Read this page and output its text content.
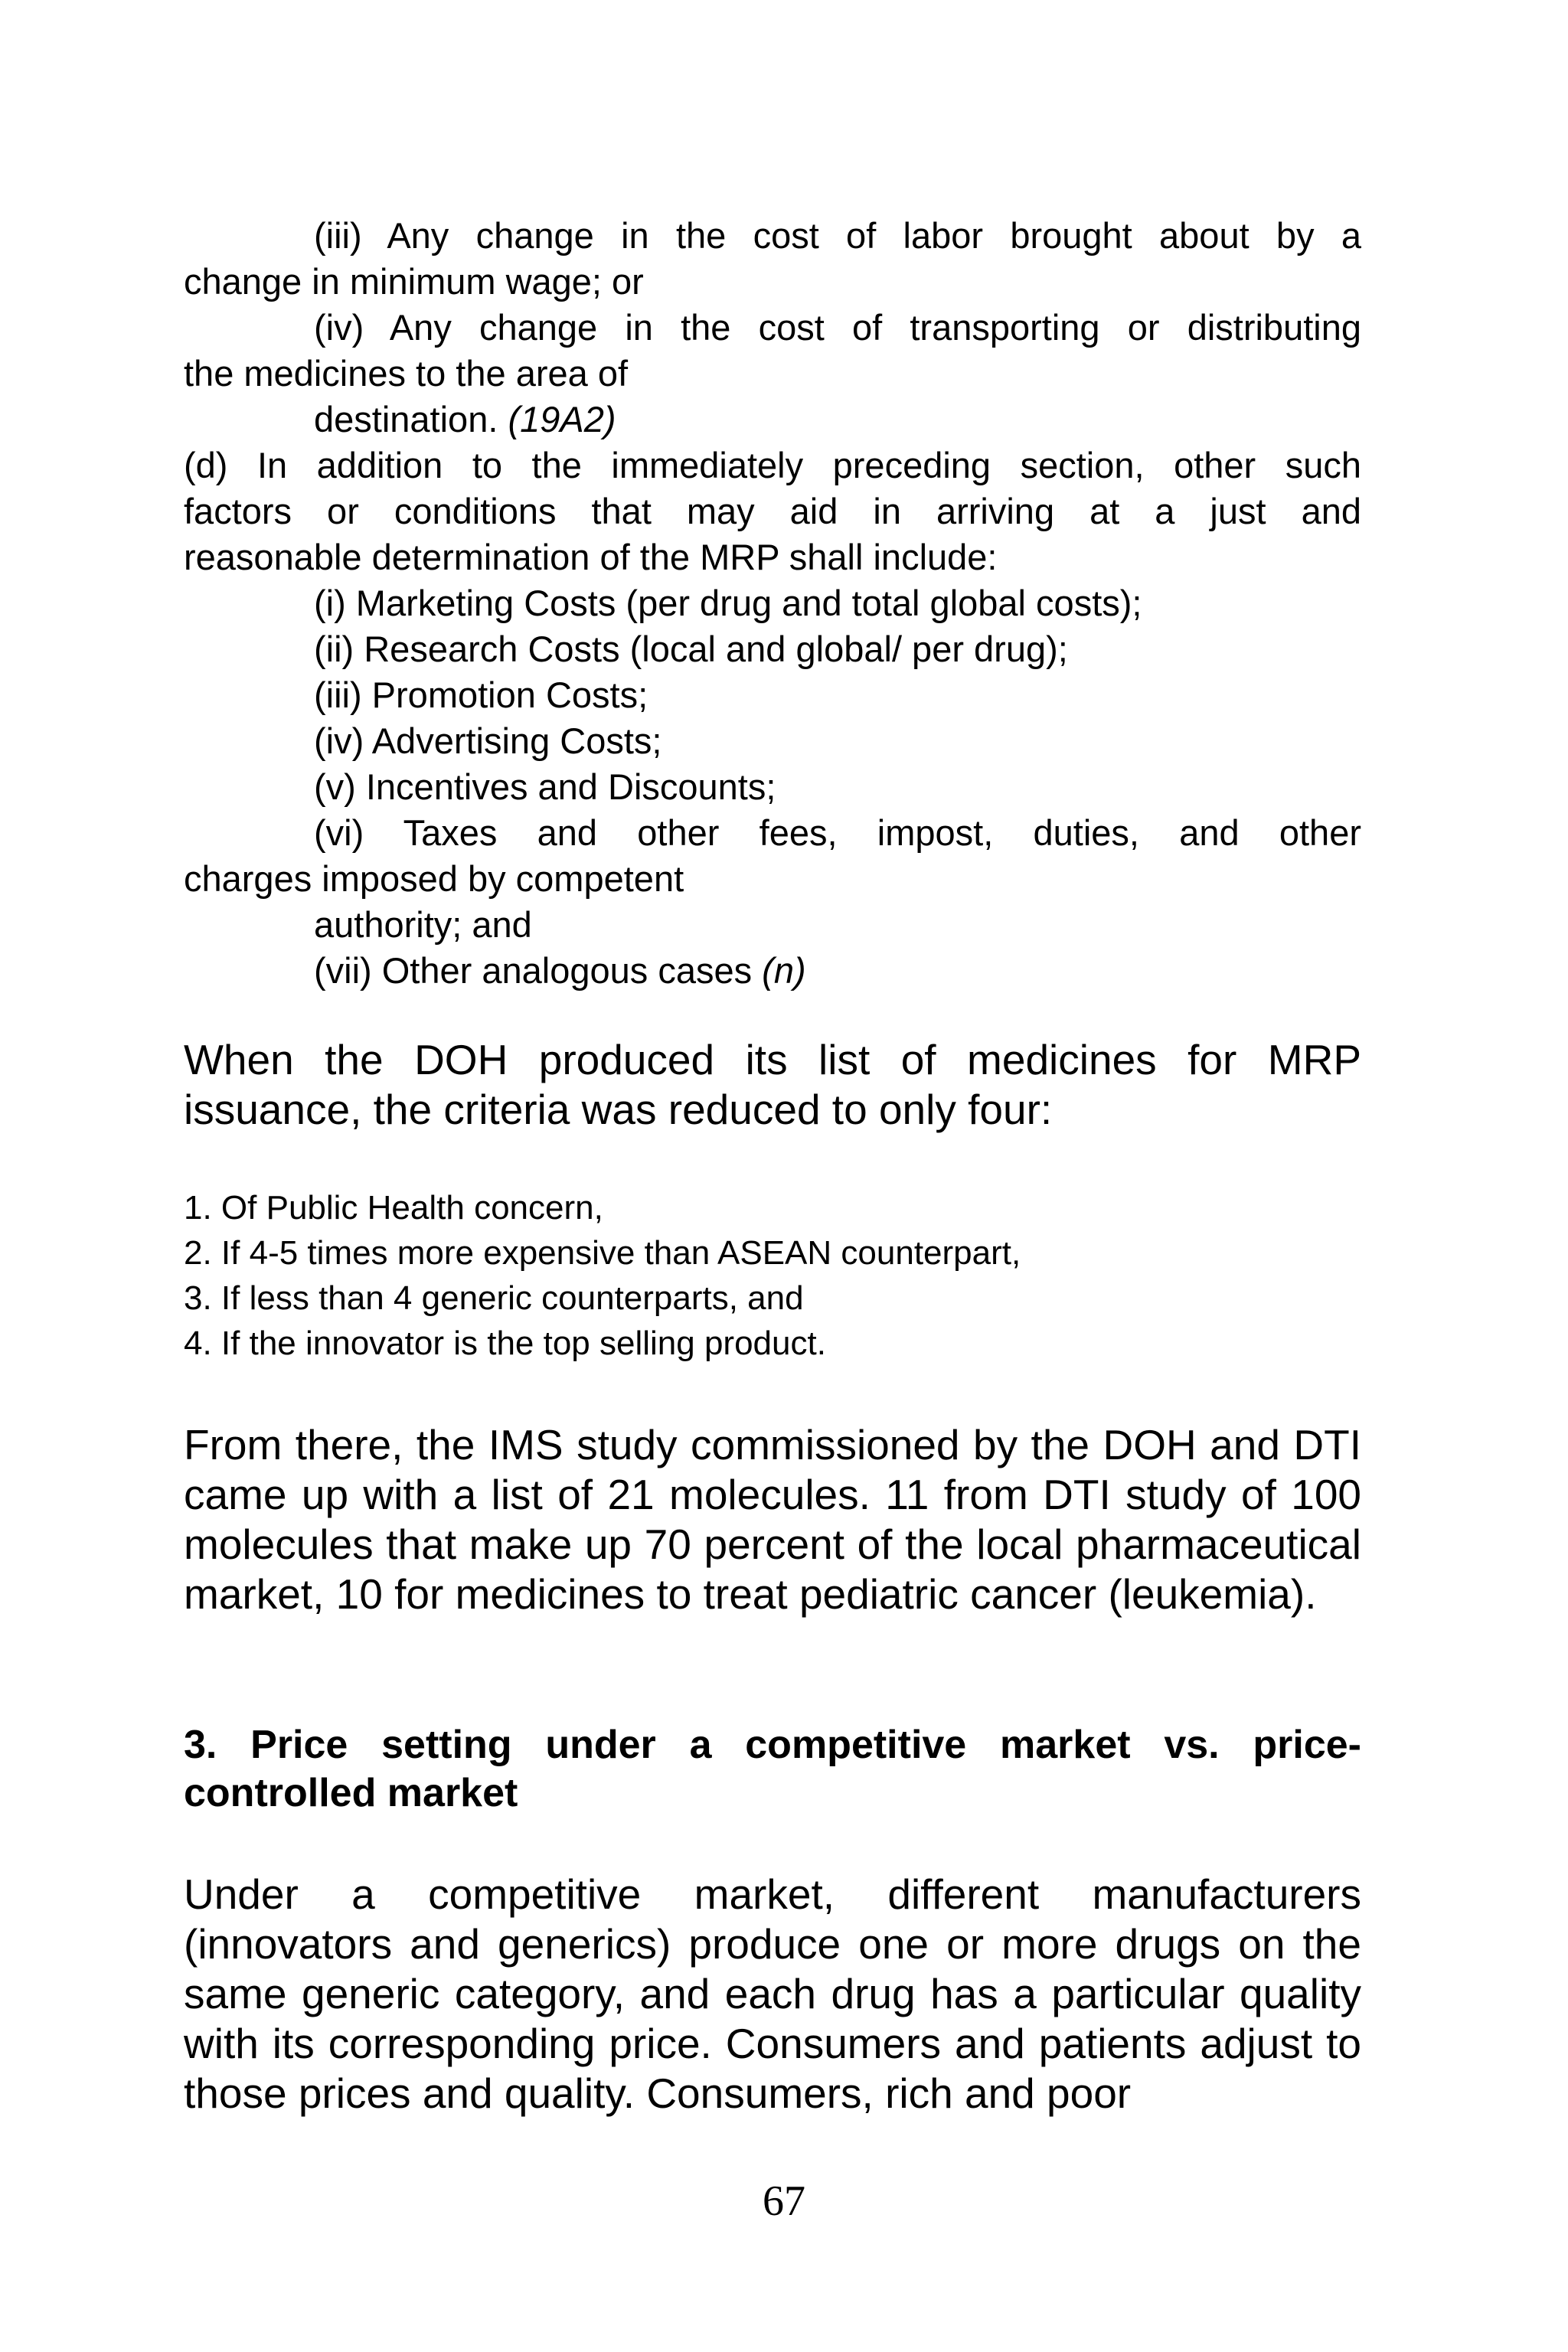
(iii) Any change in the cost of labor brought about by a

change in minimum wage; or

(iv) Any change in the cost of transporting or distributing

the medicines to the area of

destination. (19A2)

(d) In addition to the immediately preceding section, other such

factors or conditions that may aid in arriving at a just and

reasonable determination of the MRP shall include:

(i) Marketing Costs (per drug and total global costs);

(ii) Research Costs (local and global/ per drug);

(iii) Promotion Costs;

(iv) Advertising Costs;

(v) Incentives and Discounts;

(vi) Taxes and other fees, impost, duties, and other

charges imposed by competent

authority; and

(vii) Other analogous cases (n)

When the DOH produced its list of medicines for MRP issuance, the criteria was reduced to only four:

1. Of Public Health concern,

2. If 4-5 times more expensive than ASEAN counterpart,

3. If less than 4 generic counterparts, and

4. If the innovator is the top selling product.

From there, the IMS study commissioned by the DOH and DTI came up with a list of 21 molecules. 11 from DTI study of 100 molecules that make up 70 percent of the local pharmaceutical market, 10 for medicines to treat pediatric cancer (leukemia).

3. Price setting under a competitive market vs. price-controlled market

Under a competitive market, different manufacturers (innovators and generics) produce one or more drugs on the same generic category, and each drug has a particular quality with its corresponding price. Consumers and patients adjust to those prices and quality. Consumers, rich and poor

67
